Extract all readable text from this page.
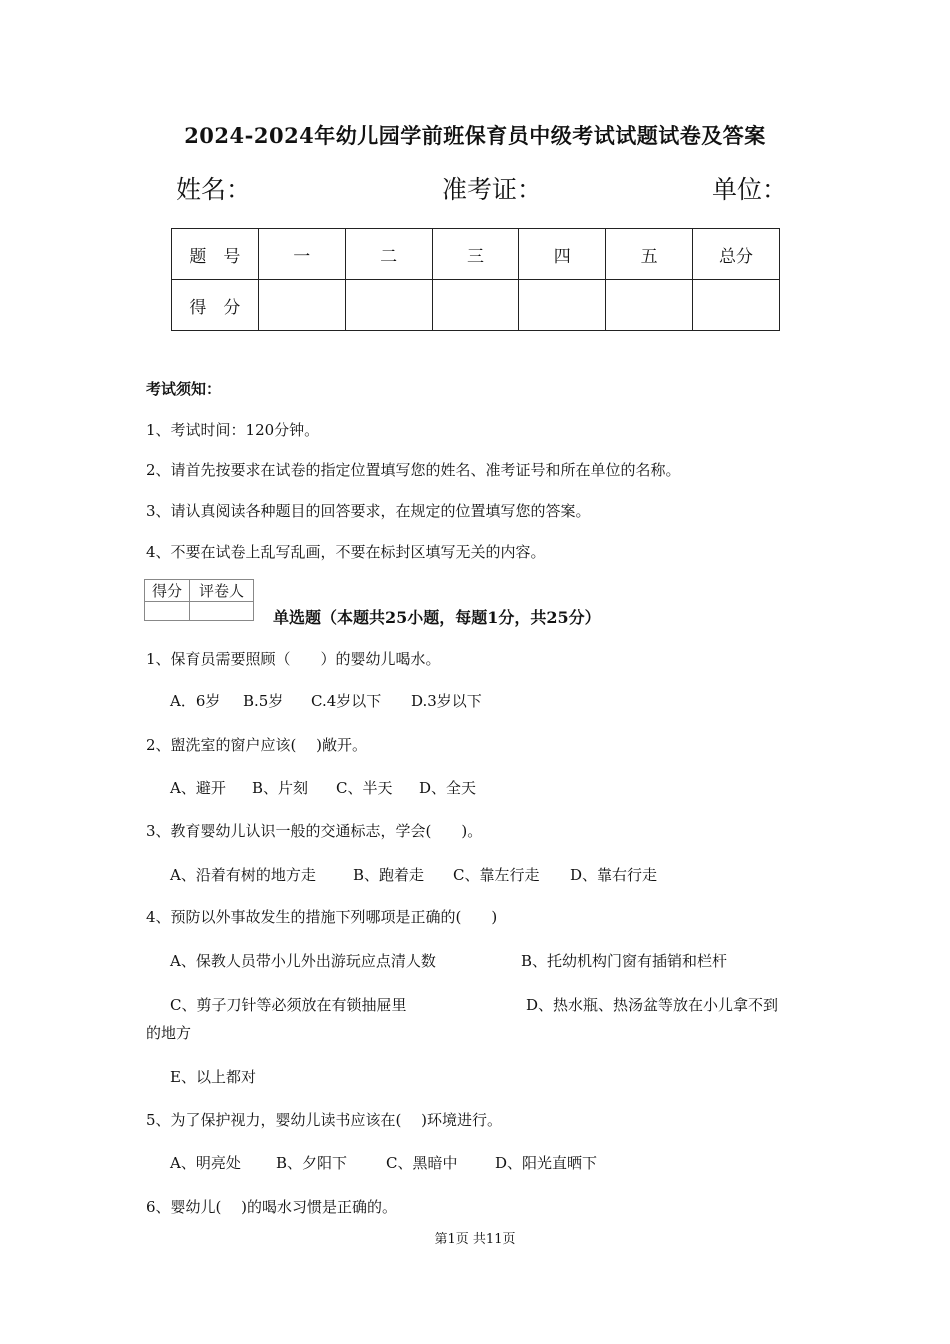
2024-2024年幼儿园学前班保育员中级考试试题试卷及答案
姓名：	准考证：	单位：
题　号	一	二	三	四	五	总分
得　分						
考试须知：
1、考试时间：120分钟。
2、请首先按要求在试卷的指定位置填写您的姓名、准考证号和所在单位的名称。
3、请认真阅读各种题目的回答要求，在规定的位置填写您的答案。
4、不要在试卷上乱写乱画，不要在标封区填写无关的内容。
得分	评卷人

单选题（本题共25小题，每题1分，共25分）
1、保育员需要照顾（　　）的婴幼儿喝水。
A．6岁 B.5岁 C.4岁以下 D.3岁以下
2、盥洗室的窗户应该(　 )敞开。
A、避开 B、片刻 C、半天 D、全天
3、教育婴幼儿认识一般的交通标志，学会(　　)。
A、沿着有树的地方走 B、跑着走 C、靠左行走 D、靠右行走
4、预防以外事故发生的措施下列哪项是正确的(　　)
A、保教人员带小儿外出游玩应点清人数	B、托幼机构门窗有插销和栏杆
C、剪子刀针等必须放在有锁抽屉里	D、热水瓶、热汤盆等放在小儿拿不到
的地方
E、以上都对
5、为了保护视力，婴幼儿读书应该在(　 )环境进行。
A、明亮处 B、夕阳下	C、黑暗中	D、阳光直晒下
6、婴幼儿(　 )的喝水习惯是正确的。
第1页 共11页
